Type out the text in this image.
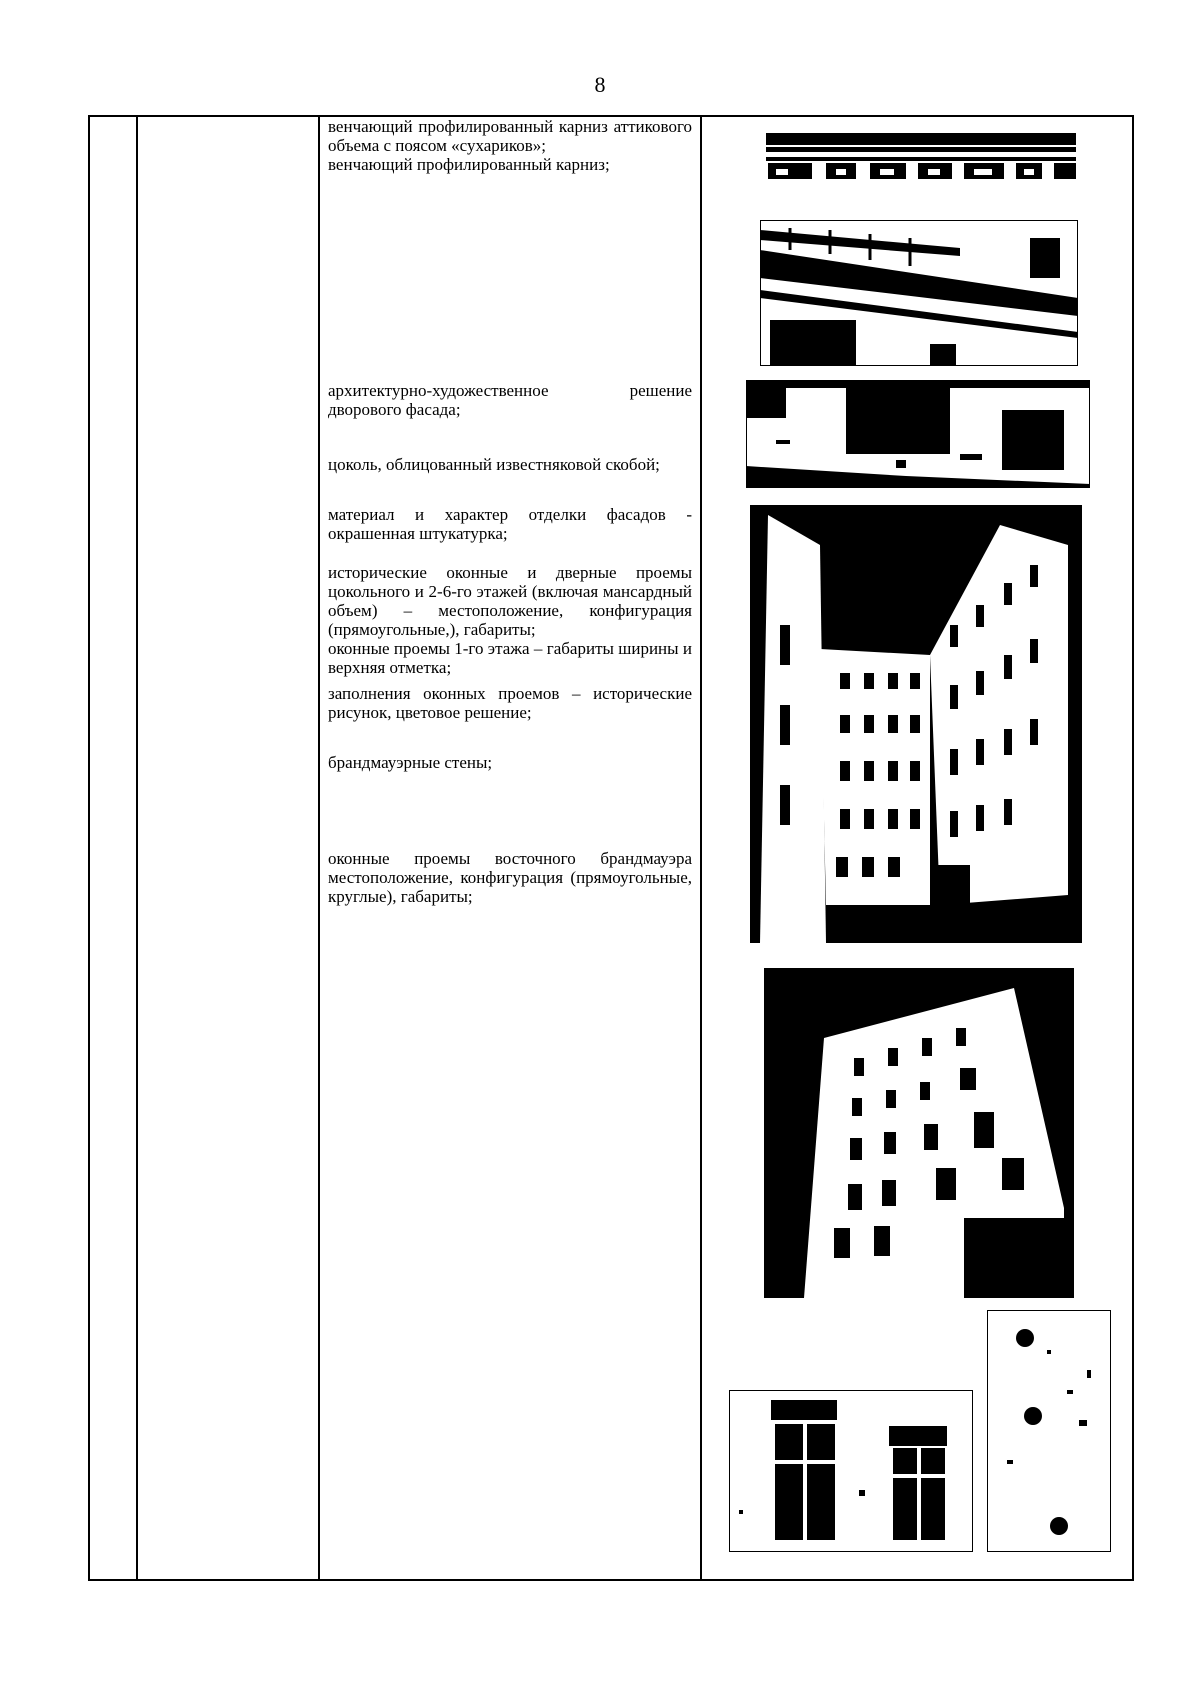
8

венчающий профилированный карниз аттикового объема с поясом «сухариков»;

венчающий профилированный карниз;

архитектурно-художественное решение дворового фасада;

цоколь, облицованный известняковой скобой;

материал и характер отделки фасадов - окрашенная штукатурка;

исторические оконные и дверные проемы цокольного и 2-6-го этажей (включая мансардный объем) – местоположение, конфигурация (прямоугольные,), габариты;

оконные проемы 1-го этажа – габариты ширины и верхняя отметка;

заполнения оконных проемов – исторические рисунок, цветовое решение;

брандмауэрные стены;

оконные проемы восточного брандмауэра местоположение, конфигурация (прямоугольные, круглые), габариты;
